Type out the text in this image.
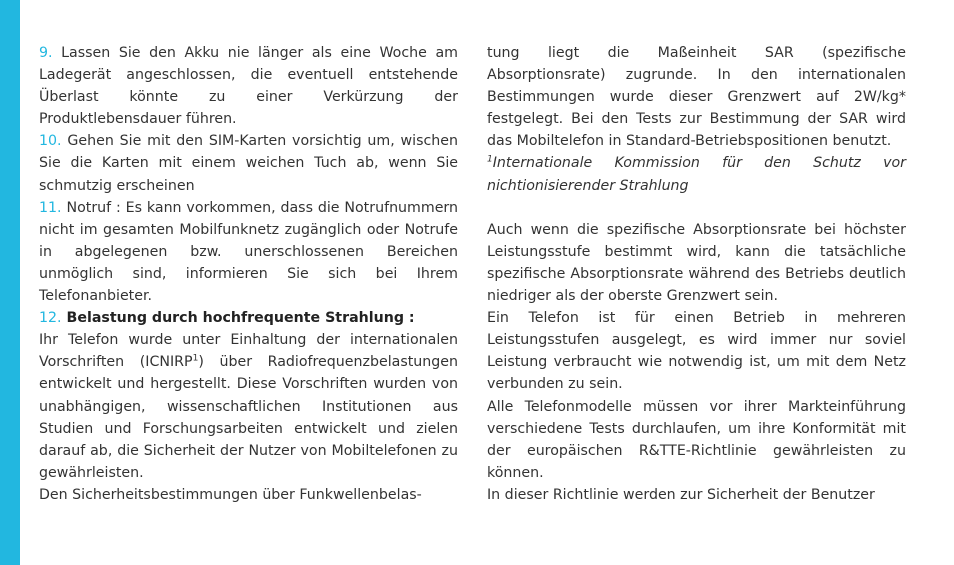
9. Lassen Sie den Akku nie länger als eine Woche am Ladegerät angeschlossen, die eventuell entstehende Überlast könnte zu einer Verkürzung der Produktlebensdauer führen.

10. Gehen Sie mit den SIM-Karten vorsichtig um, wischen Sie die Karten mit einem weichen Tuch ab, wenn Sie schmutzig erscheinen

11. Notruf : Es kann vorkommen, dass die Notrufnummern nicht im gesamten Mobilfunknetz zugänglich oder Notrufe in abgelegenen bzw. unerschlossenen Bereichen unmöglich sind, informieren Sie sich bei Ihrem Telefonanbieter.

12. Belastung durch hochfrequente Strahlung :

Ihr Telefon wurde unter Einhaltung der internationalen Vorschriften (ICNIRP$^1$) über Radiofrequenzbelastungen entwickelt und hergestellt. Diese Vorschriften wurden von unabhängigen, wissenschaftlichen Institutionen aus Studien und Forschungsarbeiten entwickelt und zielen darauf ab, die Sicherheit der Nutzer von Mobiltelefonen zu gewährleisten.

Den Sicherheitsbestimmungen über Funkwellenbelas-

tung liegt die Maßeinheit SAR (spezifische Absorptionsrate) zugrunde. In den internationalen Bestimmungen wurde dieser Grenzwert auf 2W/kg* festgelegt. Bei den Tests zur Bestimmung der SAR wird das Mobiltelefon in Standard-Betriebspositionen benutzt.

$^1$Internationale Kommission für den Schutz vor nichtionisierender Strahlung

Auch wenn die spezifische Absorptionsrate bei höchster Leistungsstufe bestimmt wird, kann die tatsächliche spezifische Absorptionsrate während des Betriebs deutlich niedriger als der oberste Grenzwert sein.

Ein Telefon ist für einen Betrieb in mehreren Leistungsstufen ausgelegt, es wird immer nur soviel Leistung verbraucht wie notwendig ist, um mit dem Netz verbunden zu sein.

Alle Telefonmodelle müssen vor ihrer Markteinführung verschiedene Tests durchlaufen, um ihre Konformität mit der europäischen R&TTE-Richtlinie gewährleisten zu können.

In dieser Richtlinie werden zur Sicherheit der Benutzer
